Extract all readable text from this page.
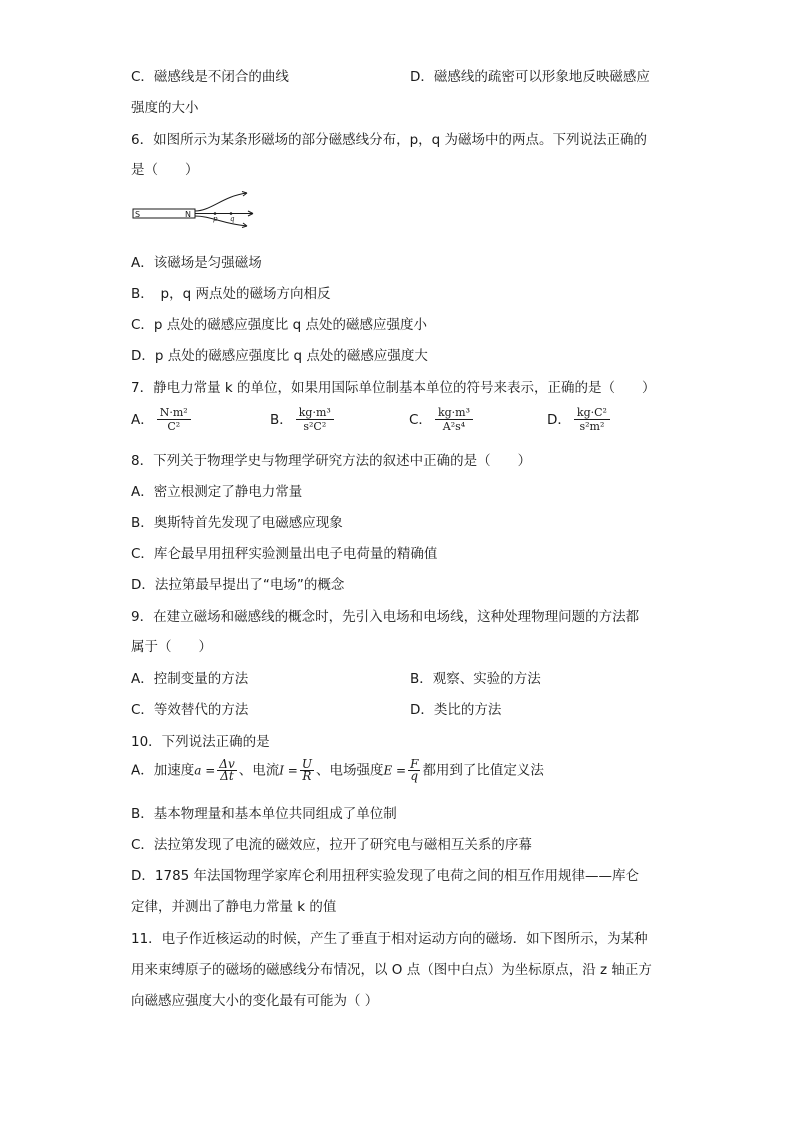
C．磁感线是不闭合的曲线	D．磁感线的疏密可以形象地反映磁感应
强度的大小
6．如图所示为某条形磁场的部分磁感线分布，p，q 为磁场中的两点。下列说法正确的
是（　　）
S	N	p q
A．该磁场是匀强磁场
B．　p，q 两点处的磁场方向相反
C．p 点处的磁感应强度比 q 点处的磁感应强度小
D．p 点处的磁感应强度比 q 点处的磁感应强度大
7．静电力常量 k 的单位，如果用国际单位制基本单位的符号来表示，正确的是（　　）
A． $\frac{\text{N·m²}}{\text{C²}}$	B． $\frac{\text{kg·m³}}{\text{s²C²}}$	C． $\frac{\text{kg·m³}}{\text{A²s⁴}}$	D． $\frac{\text{kg·C²}}{\text{s²m²}}$
8．下列关于物理学史与物理学研究方法的叙述中正确的是（　　）
A．密立根测定了静电力常量
B．奥斯特首先发现了电磁感应现象
C．库仑最早用扭秤实验测量出电子电荷量的精确值
D．法拉第最早提出了“电场”的概念
9．在建立磁场和磁感线的概念时，先引入电场和电场线，这种处理物理问题的方法都
属于（　　）
A．控制变量的方法	B．观察、实验的方法
C．等效替代的方法	D．类比的方法
10．下列说法正确的是
A．加速度$a = \frac{\Delta v}{\Delta t}$ 、电流$I = \frac{U}{R}$ 、电场强度$E = \frac{F}{q}$ 都用到了比值定义法
B．基本物理量和基本单位共同组成了单位制
C．法拉第发现了电流的磁效应，拉开了研究电与磁相互关系的序幕
D．1785 年法国物理学家库仑利用扭秤实验发现了电荷之间的相互作用规律——库仑
定律，并测出了静电力常量 k 的值
11．电子作近核运动的时候，产生了垂直于相对运动方向的磁场．如下图所示，为某种
用来束缚原子的磁场的磁感线分布情况，以 O 点（图中白点）为坐标原点，沿 z 轴正方
向磁感应强度大小的变化最有可能为（ ）
